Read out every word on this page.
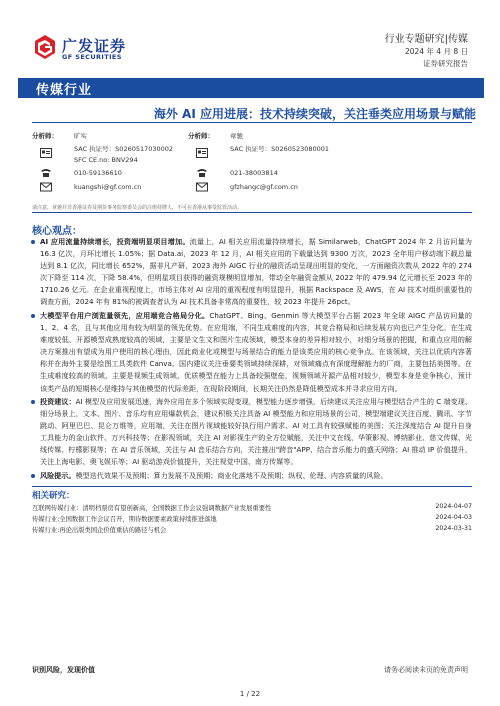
广发证券
GF SECURITIES
行业专题研究|传媒
2024 年 4 月 8 日
证券研究报告
传媒行业
海外 AI 应用进展：技术持续突破，关注垂类应用场景与赋能
分析师： 旷实
SAC 执证号：S0260517030002
SFC CE.no: BNV294
010-59136610
kuangshi@gf.com.cn
分析师： 章驰
SAC 执证号：S0260523080001
021-38003814
gfzhangc@gf.com.cn
请注意，章驰并非香港证券及期货事务监察委员会的注册持牌人，不可在香港从事受监管活动。
核心观点：
AI 应用流量持续增长，投资端明显项目增加。流量上，AI 相关应用流量持续增长，据 Similarweb，ChatGPT 2024 年 2 月访问量为 16.3 亿次，月环比增长 1.05%；据 Data.ai，2023 年 12 月，AI 相关应用的下载量达到 9300 万次，2023 全年用户移动端下载总量达到 8.1 亿次，同比增长 652%，据非凡产研，2023 海外 AIGC 行业的融资活动呈现出明显的变化，一方面融资次数从 2022 年的 274 次下降至 114 次，下降 58.4%，但明星项目获得的融资规模明显增加，带动全年融资金额从 2022 年的 479.94 亿元增长至 2023 年的 1710.26 亿元。在企业重视程度上，市场主体对 AI 应用的重视程度有明显提升，根据 Rackspace 及 AWS，在 AI 技术对组织重要性的调查方面，2024 年有 81%的被调查者认为 AI 技术具备非常高的重要性，较 2023 年提升 26pct。
大模型平台用户浏览量领先，应用端竞合格局分化。ChatGPT、Bing、Genmin 等大模型平台占据 2023 年全球 AIGC 产品访问量的 1、2、4 名，且与其他应用有较为明显的领先优势。在应用端，不同生成难度的内容，其竞合格局和后续发展方向也已产生分化。在生成难度较低、开源模型成熟度较高的领域，主要是文生文和图片生成领域，模型本身的差异相对较小，对细分场景的把握，和重点应用的解决方案推出有望成为用户使用的核心理由，因此商业化或模型与场景结合的能力是该类应用的核心竞争点。在该领域，关注以优质内容著称并在海外主要是绘图工具类软件 Canva。国内建议关注垂要类领域持续深耕，对领域痛点有深度理解能力的厂商，主要包括美图等。在生成难度较高的领域，主要是视频生成领域，优质模型在能力上具备较强壁垒，视频领域开源产品相对较少，模型本身是竞争核心，预计该类产品的短期核心是维持与其他模型的代际差距，在现阶段期间，长期关注仍然是降低模型成本并寻求应用方向。
投资建议：AI 模型及应用发展迅速，海外应用在多个领域实现变现，模型能力逐步增强，后续建议关注应用与模型结合产生的 C 端变现、细分场景上，文本、图片、音乐均有应用爆款机会，建议积极关注具备 AI 模型能力和应用场景的公司，模型端建议关注百度、腾讯、字节跳动、阿里巴巴、昆仑万维等，应用端，关注在图片视域能较好执行用户需求、AI 对工具有较强赋能的美图；关注深度结合 AI 提升自身工具能力的金山软件、万兴科技等；在影视领域，关注 AI 对影视生产的全方位赋能，关注中文在线、华策影视、博纳影业、慈文传媒、光线传媒、柠檬影视等；在 AI 音乐领域，关注与 AI 音乐结合方向，关注推出"跨音"APP、结合音乐能力的盛天网络；AI 推动 IP 价值提升，关注上海电影、奥飞娱乐等；AI 驱动游戏价值提升，关注视觉中国、南方传媒等。
风险提示。模型迭代效果不及预期；算力发展不及预期；商业化落地不及预期；纵权、伦理、内容质量的风险。
相关研究：
互联网传媒行业：清明档票房有望创新高，全国数据工作会议强调数据产业发展重要性	2024-04-07
传媒行业:全国数据工作会议召开，期待数据要素政策持续推进落地	2024-04-03
传媒行业:再论出版类国企价值重估的路径与机会	2024-03-31
识别风险，发现价值	请务必阅读末页的免责声明
1 / 22
